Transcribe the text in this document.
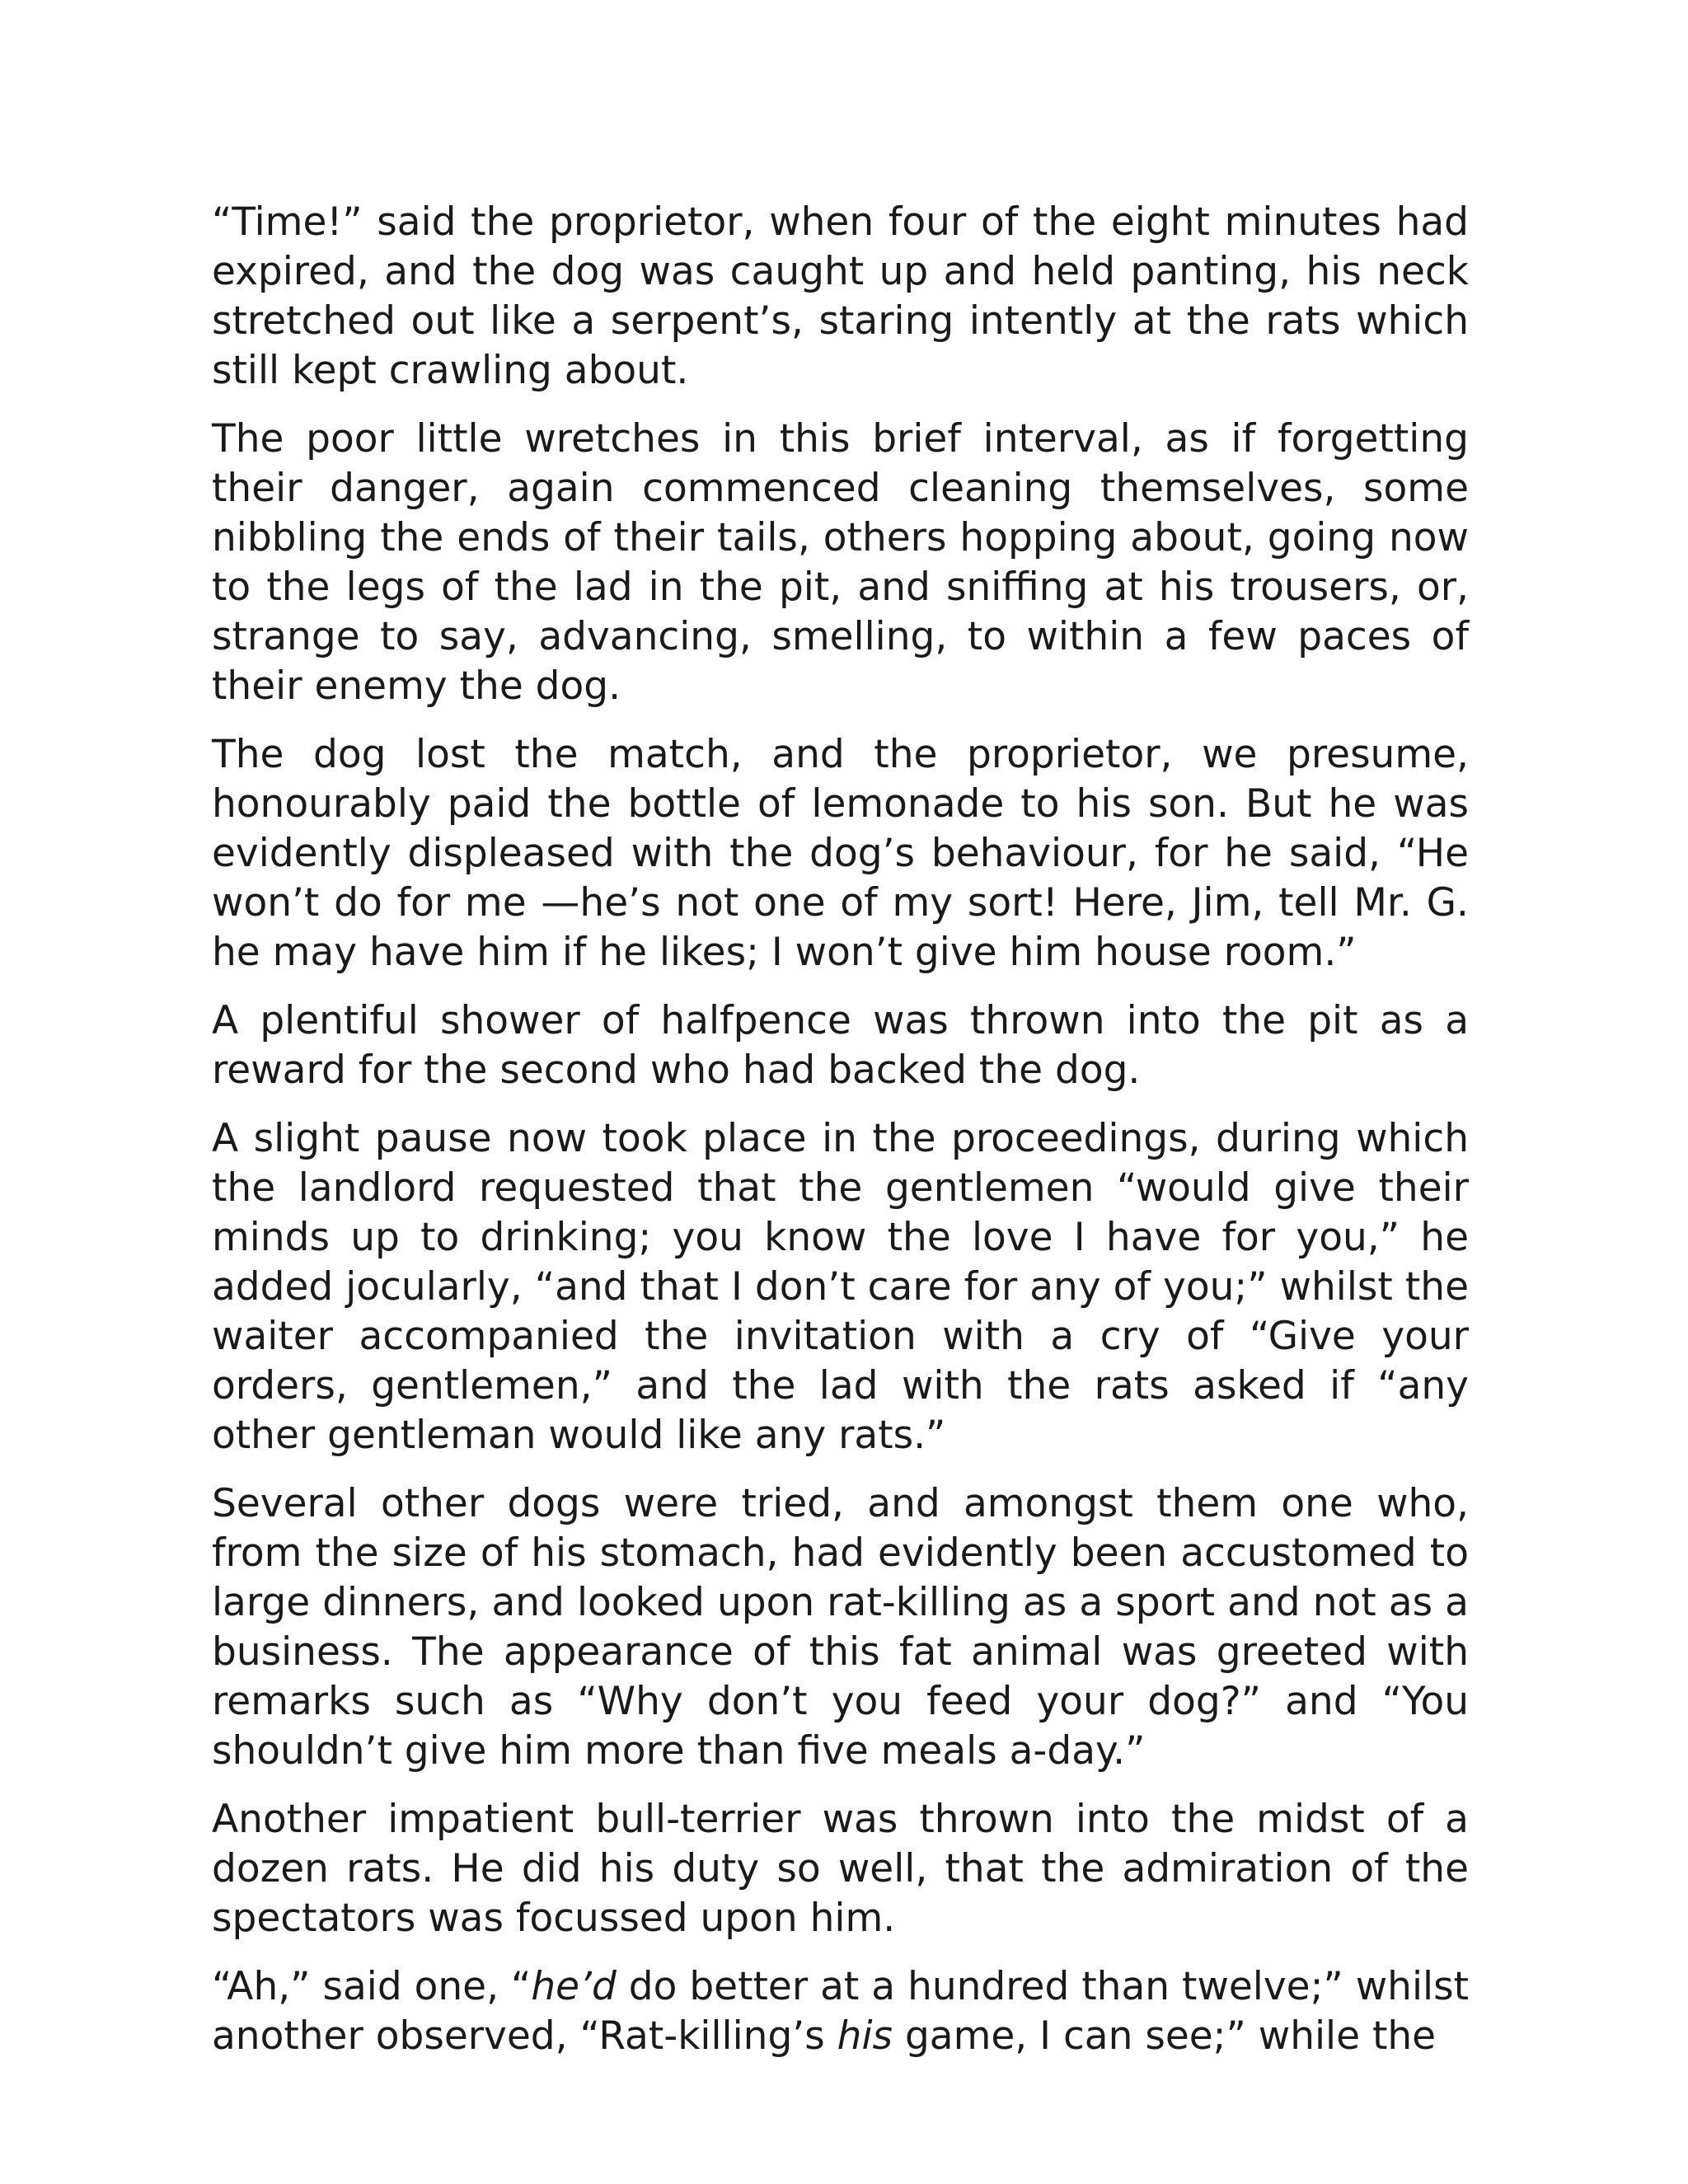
“Time!” said the proprietor, when four of the eight minutes had expired, and the dog was caught up and held panting, his neck stretched out like a serpent’s, staring intently at the rats which still kept crawling about.

The poor little wretches in this brief interval, as if forgetting their danger, again commenced cleaning themselves, some nibbling the ends of their tails, others hopping about, going now to the legs of the lad in the pit, and sniffing at his trousers, or, strange to say, advancing, smelling, to within a few paces of their enemy the dog.

The dog lost the match, and the proprietor, we presume, honourably paid the bottle of lemonade to his son. But he was evidently displeased with the dog’s behaviour, for he said, “He won’t do for me —he’s not one of my sort! Here, Jim, tell Mr. G. he may have him if he likes; I won’t give him house room.”

A plentiful shower of halfpence was thrown into the pit as a reward for the second who had backed the dog.

A slight pause now took place in the proceedings, during which the landlord requested that the gentlemen “would give their minds up to drinking; you know the love I have for you,” he added jocularly, “and that I don’t care for any of you;” whilst the waiter accompanied the invitation with a cry of “Give your orders, gentlemen,” and the lad with the rats asked if “any other gentleman would like any rats.”

Several other dogs were tried, and amongst them one who, from the size of his stomach, had evidently been accustomed to large dinners, and looked upon rat-killing as a sport and not as a business. The appearance of this fat animal was greeted with remarks such as “Why don’t you feed your dog?” and “You shouldn’t give him more than five meals a-day.”

Another impatient bull-terrier was thrown into the midst of a dozen rats. He did his duty so well, that the admiration of the spectators was focussed upon him.

“Ah,” said one, “he’d do better at a hundred than twelve;” whilst another observed, “Rat-killing’s his game, I can see;” while the
